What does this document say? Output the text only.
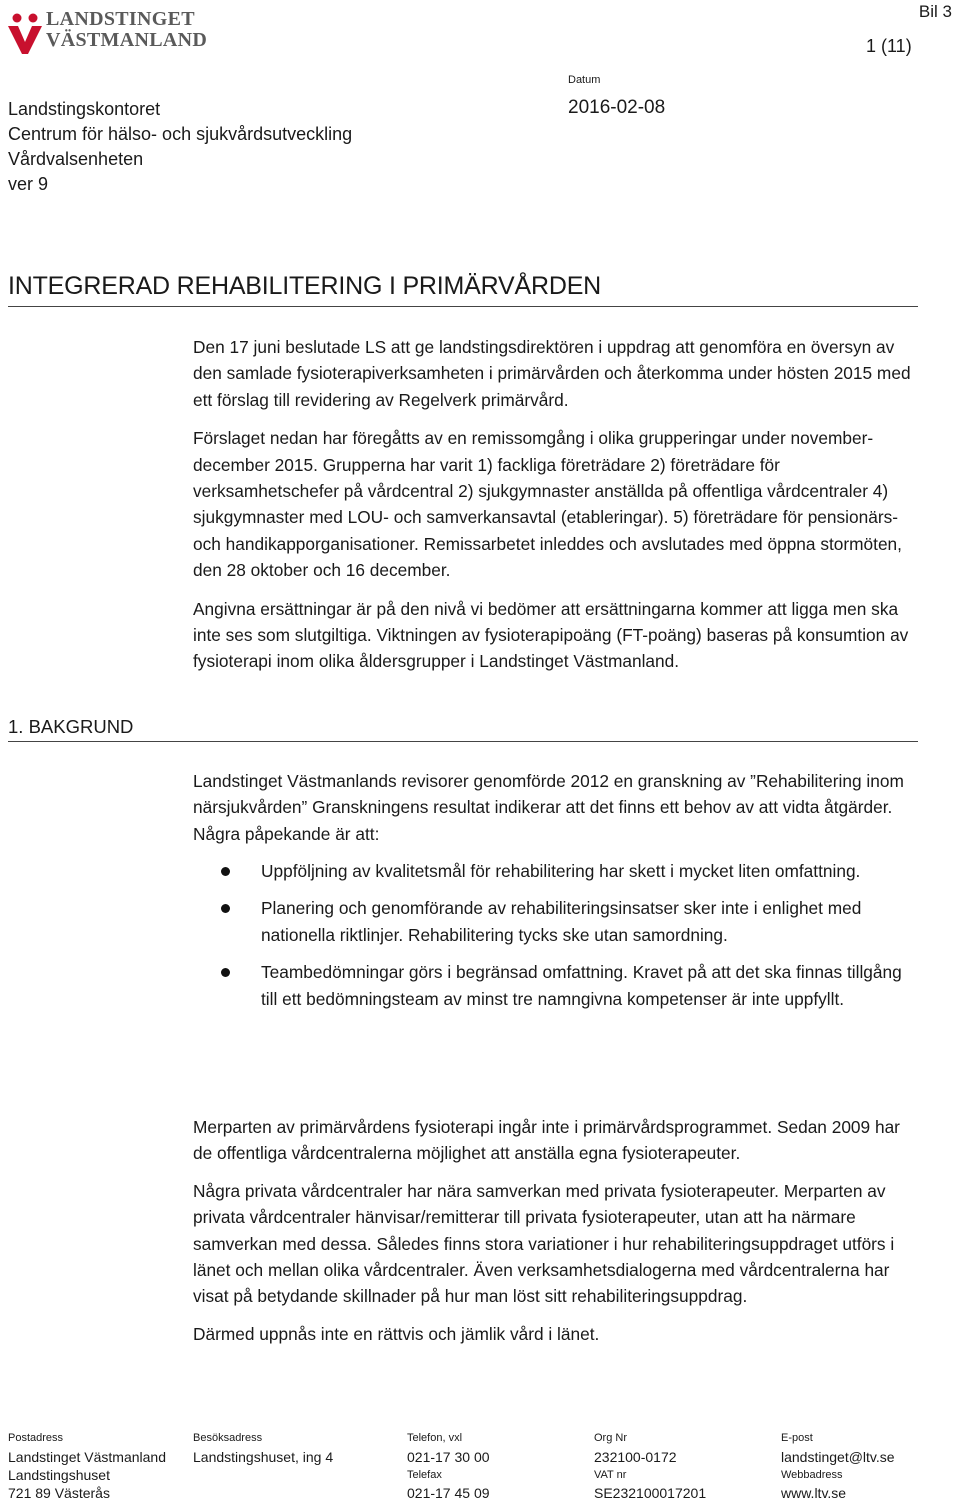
Bil 3
LANDSTINGET
VÄSTMANLAND	1 (11)
Datum
2016-02-08
Landstingskontoret
Centrum för hälso- och sjukvårdsutveckling
Vårdvalsenheten
ver 9
INTEGRERAD REHABILITERING I PRIMÄRVÅRDEN

Den 17 juni beslutade LS att ge landstingsdirektören i uppdrag att genomföra en översyn av den samlade fysioterapiverksamheten i primärvården och återkomma under hösten 2015 med ett förslag till revidering av Regelverk primärvård.

Förslaget nedan har föregåtts av en remissomgång i olika grupperingar under november-december 2015. Grupperna har varit 1) fackliga företrädare 2) företrädare för verksamhetschefer på vårdcentral 2) sjukgymnaster anställda på offentliga vårdcentraler 4) sjukgymnaster med LOU- och samverkansavtal (etableringar). 5) företrädare för pensionärs- och handikapporganisationer. Remissarbetet inleddes och avslutades med öppna stormöten, den 28 oktober och 16 december.

Angivna ersättningar är på den nivå vi bedömer att ersättningarna kommer att ligga men ska inte ses som slutgiltiga. Viktningen av fysioterapipoäng (FT-poäng) baseras på konsumtion av fysioterapi inom olika åldersgrupper i Landstinget Västmanland.

1. BAKGRUND

Landstinget Västmanlands revisorer genomförde 2012 en granskning av ”Rehabilitering inom närsjukvården” Granskningens resultat indikerar att det finns ett behov av att vidta åtgärder. Några påpekande är att:

Uppföljning av kvalitetsmål för rehabilitering har skett i mycket liten omfattning.
Planering och genomförande av rehabiliteringsinsatser sker inte i enlighet med nationella riktlinjer. Rehabilitering tycks ske utan samordning.
Teambedömningar görs i begränsad omfattning. Kravet på att det ska finnas tillgång till ett bedömningsteam av minst tre namngivna kompetenser är inte uppfyllt.

Merparten av primärvårdens fysioterapi ingår inte i primärvårdsprogrammet. Sedan 2009 har de offentliga vårdcentralerna möjlighet att anställa egna fysioterapeuter.

Några privata vårdcentraler har nära samverkan med privata fysioterapeuter. Merparten av privata vårdcentraler hänvisar/remitterar till privata fysioterapeuter, utan att ha närmare samverkan med dessa. Således finns stora variationer i hur rehabiliteringsuppdraget utförs i länet och mellan olika vårdcentraler. Även verksamhetsdialogerna med vårdcentralerna har visat på betydande skillnader på hur man löst sitt rehabiliteringsuppdrag.

Därmed uppnås inte en rättvis och jämlik vård i länet.

Postadress
Landstinget Västmanland
Landstingshuset
721 89 Västerås
Besöksadress
Landstingshuset, ing 4
Telefon, vxl
021-17 30 00
Telefax
021-17 45 09
Org Nr
232100-0172
VAT nr
SE232100017201
E-post
landstinget@ltv.se
Webbadress
www.ltv.se
